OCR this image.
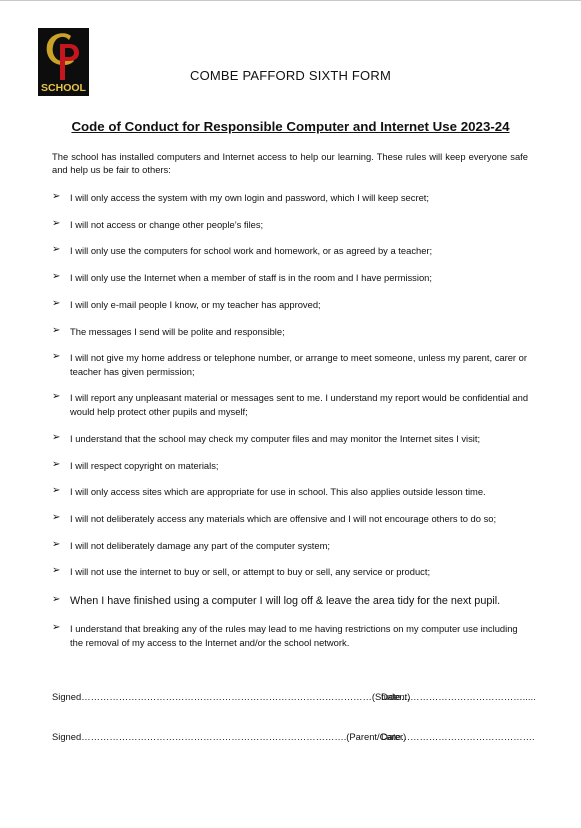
SCHOOL
COMBE PAFFORD SIXTH FORM
Code of Conduct for Responsible Computer and Internet Use 2023-24
The school has installed computers and Internet access to help our learning. These rules will keep everyone safe and help us be fair to others:
➢ I will only access the system with my own login and password, which I will keep secret;
➢ I will not access or change other people’s files;
➢ I will only use the computers for school work and homework, or as agreed by a teacher;
➢ I will only use the Internet when a member of staff is in the room and I have permission;
➢ I will only e-mail people I know, or my teacher has approved;
➢ The messages I send will be polite and responsible;
➢ I will not give my home address or telephone number, or arrange to meet someone, unless my parent, carer or teacher has given permission;
➢ I will report any unpleasant material or messages sent to me. I understand my report would be confidential and would help protect other pupils and myself;
➢ I understand that the school may check my computer files and may monitor the Internet sites I visit;
➢ I will respect copyright on materials;
➢ I will only access sites which are appropriate for use in school. This also applies outside lesson time.
➢ I will not deliberately access any materials which are offensive and I will not encourage others to do so;
➢ I will not deliberately damage any part of the computer system;
➢ I will not use the internet to buy or sell, or attempt to buy or sell, any service or product;
➢ When I have finished using a computer I will log off & leave the area tidy for the next pupil.
➢ I understand that breaking any of the rules may lead to me having restrictions on my computer use including the removal of my access to the Internet and/or the school network.
Signed…………………………………………………………………………………(Student)
Date………………………………….....
Signed………………………………………………………………………….(Parent/Carer)
Date…………………………………….
